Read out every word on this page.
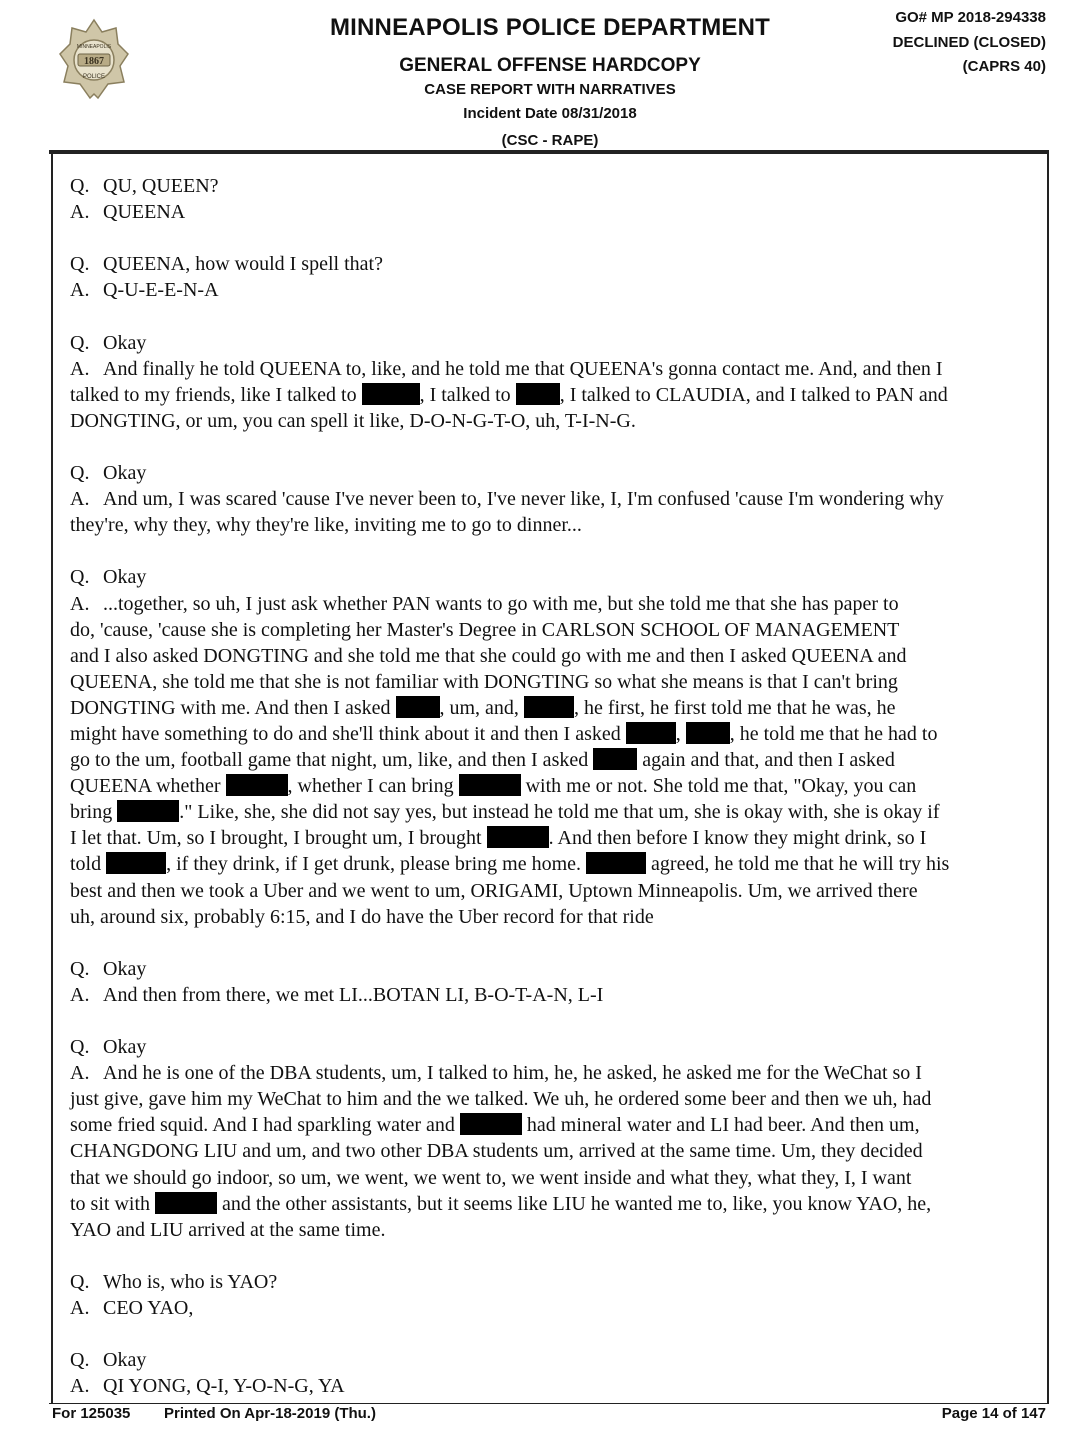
1867
MINNEAPOLIS
POLICE
MINNEAPOLIS POLICE DEPARTMENT
GENERAL OFFENSE HARDCOPY
CASE REPORT WITH NARRATIVES
Incident Date 08/31/2018
(CSC - RAPE)
GO# MP 2018-294338
DECLINED (CLOSED)
(CAPRS 40)
Q. QU, QUEEN?
A. QUEENA
Q. QUEENA, how would I spell that?
A. Q-U-E-E-N-A
Q. Okay
A. And finally he told QUEENA to, like, and he told me that QUEENA's gonna contact me. And, and then I
talked to my friends, like I talked to	, I talked to , I talked to CLAUDIA, and I talked to PAN and
DONGTING, or um, you can spell it like, D-O-N-G-T-O, uh, T-I-N-G.
Q. Okay
A. And um, I was scared 'cause I've never been to, I've never like, I, I'm confused 'cause I'm wondering why
they're, why they, why they're like, inviting me to go to dinner...
Q. Okay
A. ...together, so uh, I just ask whether PAN wants to go with me, but she told me that she has paper to
do, 'cause, 'cause she is completing her Master's Degree in CARLSON SCHOOL OF MANAGEMENT
and I also asked DONGTING and she told me that she could go with me and then I asked QUEENA and
QUEENA, she told me that she is not familiar with DONGTING so what she means is that I can't bring
DONGTING with me. And then I asked , um, and,	, he first, he first told me that he was, he
might have something to do and she'll think about it and then I asked	, , he told me that he had to
go to the um, football game that night, um, like, and then I asked  again and that, and then I asked
QUEENA whether	, whether I can bring	with me or not. She told me that, "Okay, you can
bring	." Like, she, she did not say yes, but instead he told me that um, she is okay with, she is okay if
I let that. Um, so I brought, I brought um, I brought	. And then before I know they might drink, so I
told	, if they drink, if I get drunk, please bring me home.	agreed, he told me that he will try his
best and then we took a Uber and we went to um, ORIGAMI, Uptown Minneapolis. Um, we arrived there
uh, around six, probably 6:15, and I do have the Uber record for that ride
Q. Okay
A. And then from there, we met LI...BOTAN LI, B-O-T-A-N, L-I
Q. Okay
A. And he is one of the DBA students, um, I talked to him, he, he asked, he asked me for the WeChat so I
just give, gave him my WeChat to him and the we talked. We uh, he ordered some beer and then we uh, had
some fried squid. And I had sparkling water and	had mineral water and LI had beer. And then um,
CHANGDONG LIU and um, and two other DBA students um, arrived at the same time. Um, they decided
that we should go indoor, so um, we went, we went to, we went inside and what they, what they, I, I want
to sit with	and the other assistants, but it seems like LIU he wanted me to, like, you know YAO, he,
YAO and LIU arrived at the same time.
Q. Who is, who is YAO?
A. CEO YAO,
Q. Okay
A. QI YONG, Q-I, Y-O-N-G, YA
For 125035 Printed On Apr-18-2019 (Thu.)	Page 14 of 147
